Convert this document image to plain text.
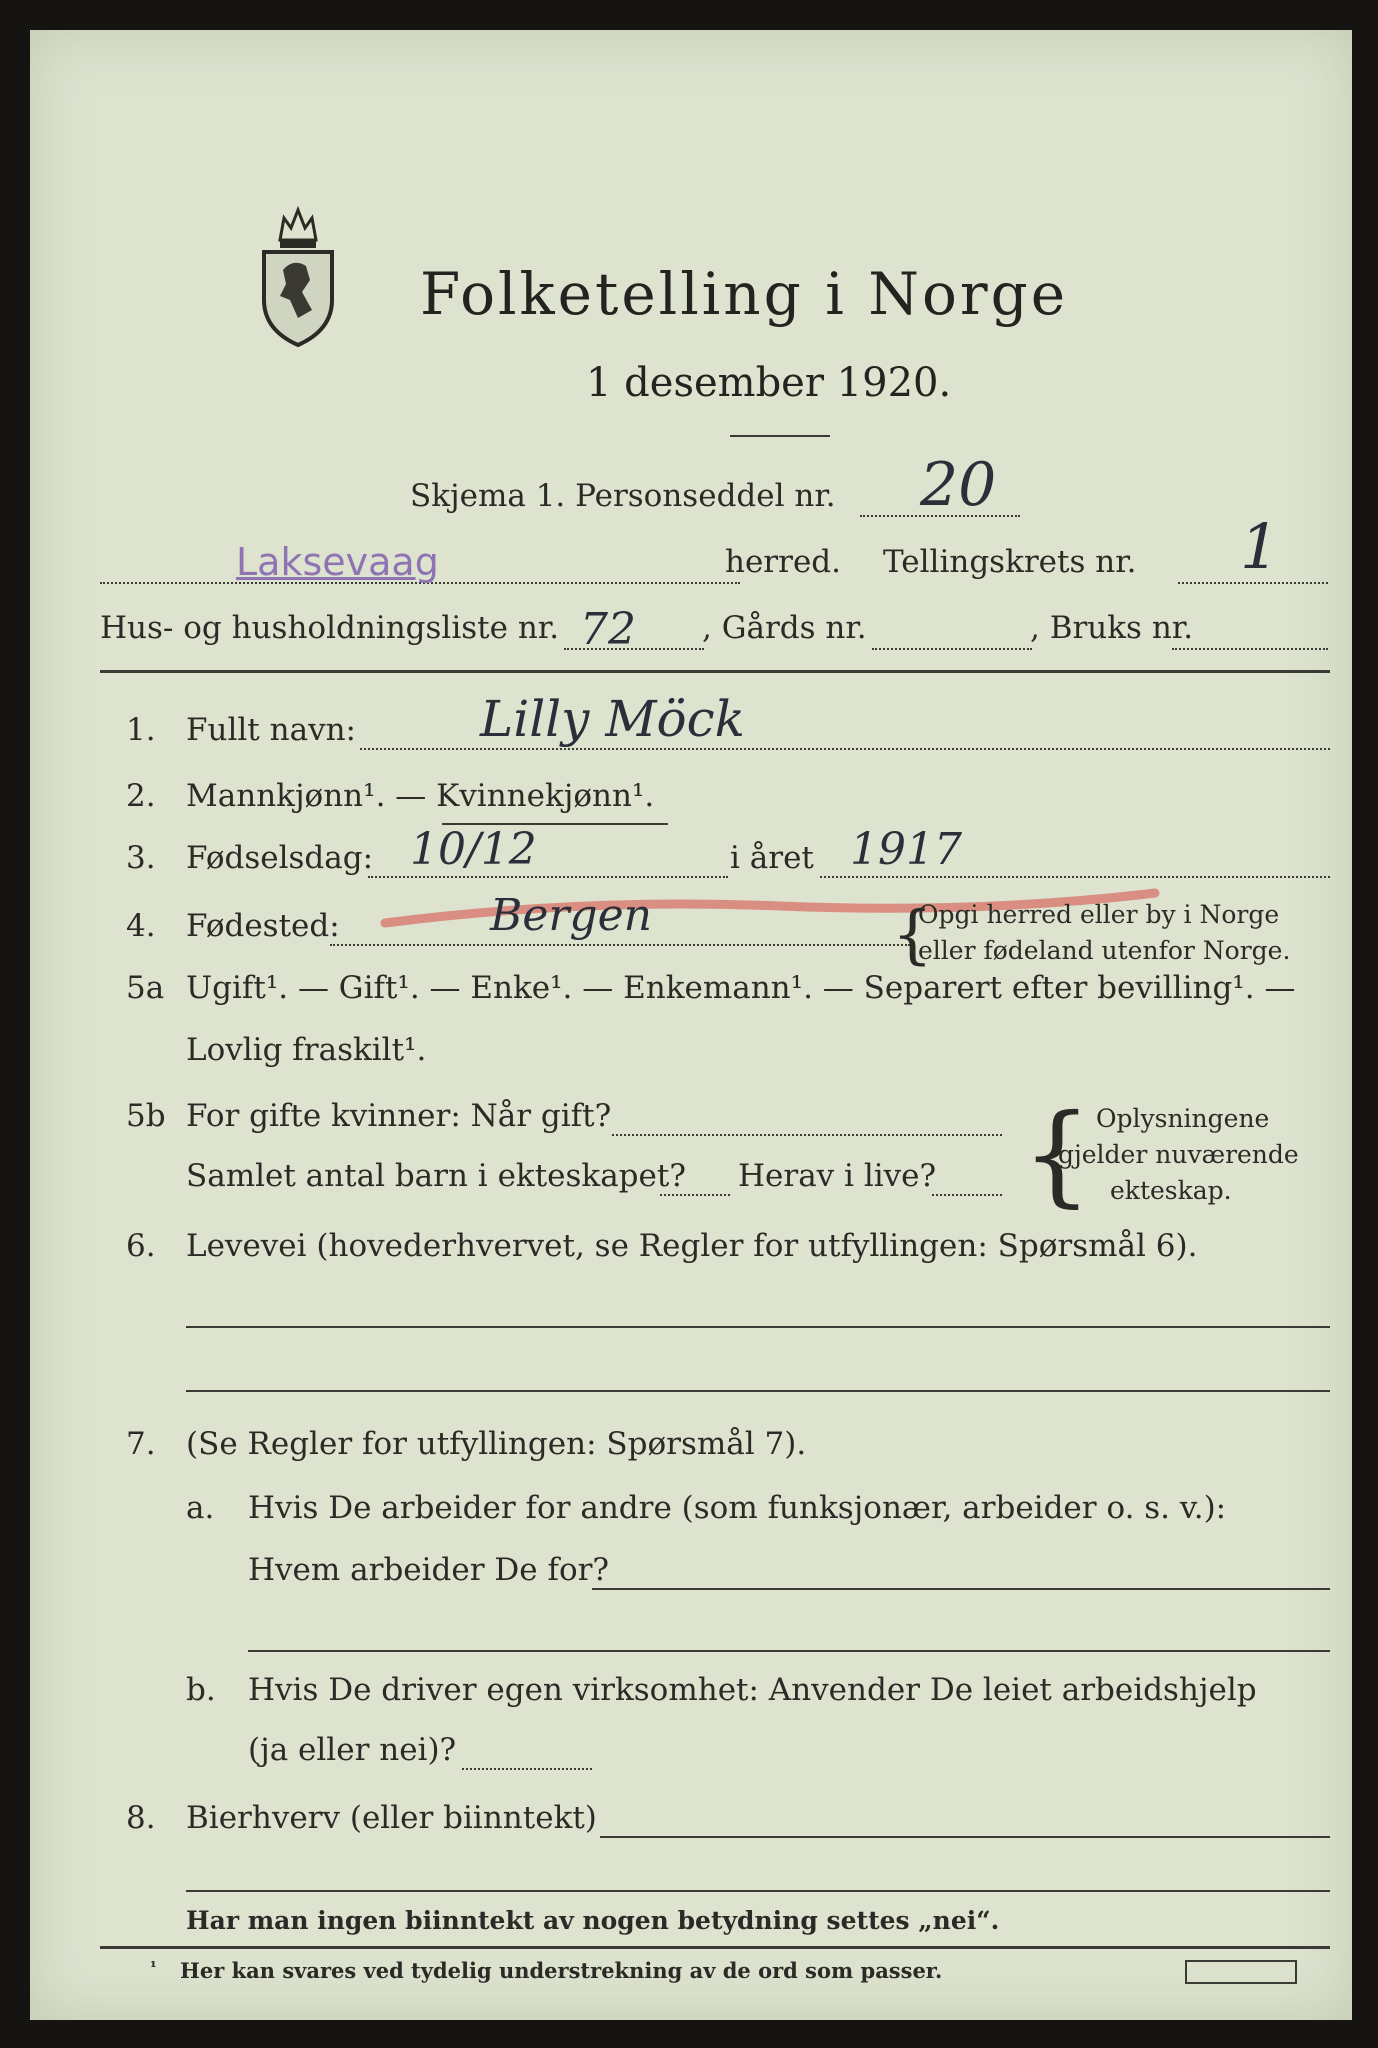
Folketelling i Norge
1 desember 1920.
Skjema 1. Personseddel nr. 20
Laksevaag	herred. Tellingskrets nr. 1
Hus- og husholdningsliste nr. 72 , Gårds nr.	, Bruks nr.
1. Fullt navn: Lilly Möck
2. Mannkjønn¹. — Kvinnekjønn¹.
3. Fødselsdag: 10/12	i året 1917
4. Fødested:	Bergen	{
Opgi herred eller by i Norge
eller fødeland utenfor Norge.
5a Ugift¹. — Gift¹. — Enke¹. — Enkemann¹. — Separert efter bevilling¹. —
Lovlig fraskilt¹.
5b For gifte kvinner: Når gift?
Samlet antal barn i ekteskapet? Herav i live? { Oplysningene
gjelder nuværende
ekteskap.
6. Levevei (hovederhvervet, se Regler for utfyllingen: Spørsmål 6).
7. (Se Regler for utfyllingen: Spørsmål 7).
a. Hvis De arbeider for andre (som funksjonær, arbeider o. s. v.):
Hvem arbeider De for?
b. Hvis De driver egen virksomhet: Anvender De leiet arbeidshjelp
(ja eller nei)?
8. Bierhverv (eller biinntekt)
Har man ingen biinntekt av nogen betydning settes „nei“.
¹ Her kan svares ved tydelig understrekning av de ord som passer.
